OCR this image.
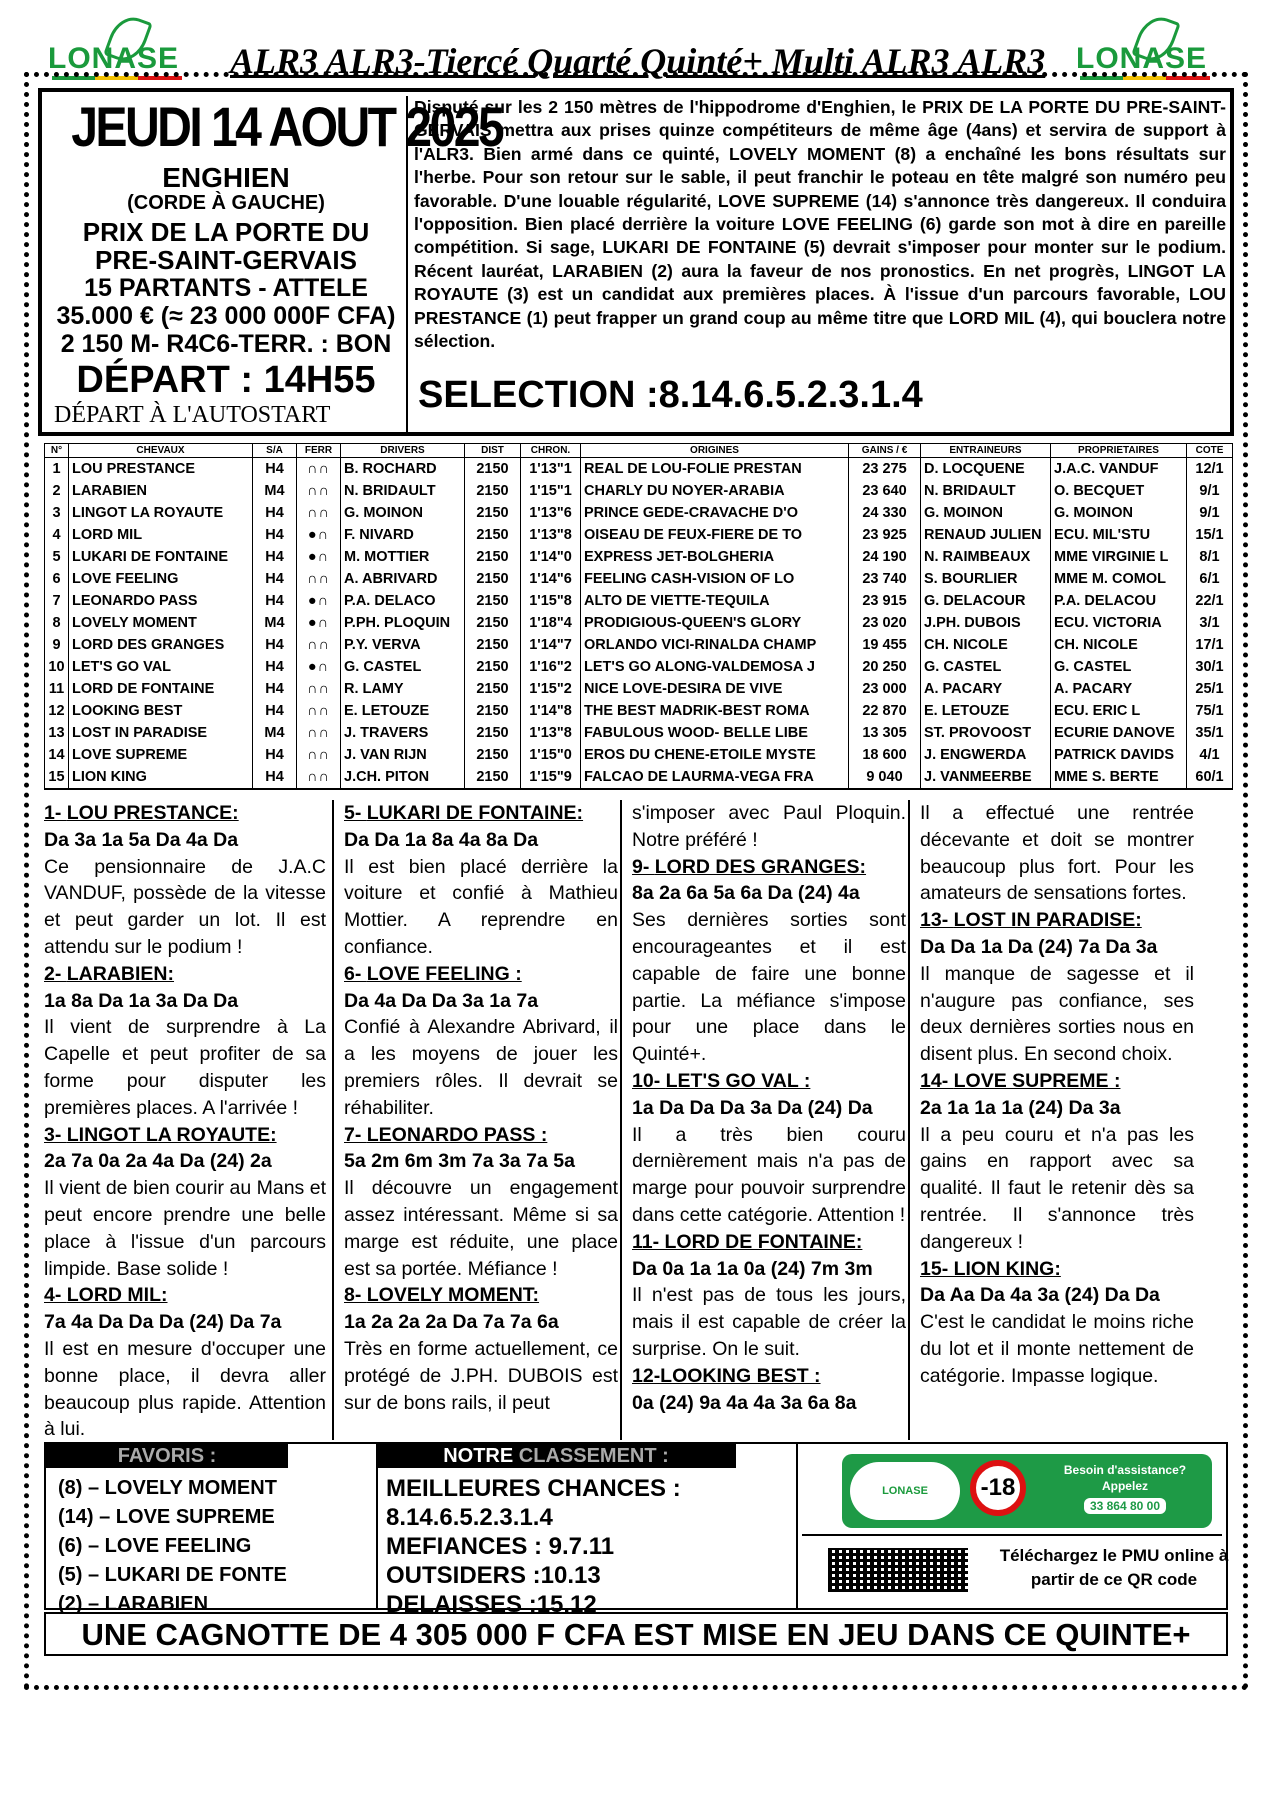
LONASE ALR3 ALR3-Tiercé Quarté Quinté+ Multi ALR3 ALR3 LONASE
JEUDI 14 AOUT 2025
ENGHIEN
(CORDE À GAUCHE)
PRIX DE LA PORTE DU
PRE-SAINT-GERVAIS
15 PARTANTS - ATTELE
35.000 € (≈ 23 000 000F CFA)
2 150 M- R4C6-TERR. : BON
DÉPART : 14H55
DÉPART À L'AUTOSTART
Disputé sur les 2 150 mètres de l'hippodrome d'Enghien, le PRIX DE LA PORTE DU PRE-SAINT-GERVAIS mettra aux prises quinze compétiteurs de même âge (4ans) et servira de support à l'ALR3. Bien armé dans ce quinté, LOVELY MOMENT (8) a enchaîné les bons résultats sur l'herbe. Pour son retour sur le sable, il peut franchir le poteau en tête malgré son numéro peu favorable. D'une louable régularité, LOVE SUPREME (14) s'annonce très dangereux. Il conduira l'opposition. Bien placé derrière la voiture LOVE FEELING (6) garde son mot à dire en pareille compétition. Si sage, LUKARI DE FONTAINE (5) devrait s'imposer pour monter sur le podium. Récent lauréat, LARABIEN (2) aura la faveur de nos pronostics. En net progrès, LINGOT LA ROYAUTE (3) est un candidat aux premières places. À l'issue d'un parcours favorable, LOU PRESTANCE (1) peut frapper un grand coup au même titre que LORD MIL (4), qui bouclera notre sélection.
SELECTION :8.14.6.5.2.3.1.4
N°	CHEVAUX	S/A	FERR	DRIVERS	DIST	CHRON.	ORIGINES	GAINS / €	ENTRAINEURS	PROPRIETAIRES	COTE
1	LOU PRESTANCE	H4	∩∩	B. ROCHARD	2150	1'13"1	REAL DE LOU-FOLIE PRESTAN	23 275	D. LOCQUENE	J.A.C. VANDUF	12/1
2	LARABIEN	M4	∩∩	N. BRIDAULT	2150	1'15"1	CHARLY DU NOYER-ARABIA	23 640	N. BRIDAULT	O. BECQUET	9/1
3	LINGOT LA ROYAUTE	H4	∩∩	G. MOINON	2150	1'13"6	PRINCE GEDE-CRAVACHE D'O	24 330	G. MOINON	G. MOINON	9/1
4	LORD MIL	H4	●∩	F. NIVARD	2150	1'13"8	OISEAU DE FEUX-FIERE DE TO	23 925	RENAUD JULIEN	ECU. MIL'STU	15/1
5	LUKARI DE FONTAINE	H4	●∩	M. MOTTIER	2150	1'14"0	EXPRESS JET-BOLGHERIA	24 190	N. RAIMBEAUX	MME VIRGINIE L	8/1
6	LOVE FEELING	H4	∩∩	A. ABRIVARD	2150	1'14"6	FEELING CASH-VISION OF LO	23 740	S. BOURLIER	MME M. COMOL	6/1
7	LEONARDO PASS	H4	●∩	P.A. DELACO	2150	1'15"8	ALTO DE VIETTE-TEQUILA	23 915	G. DELACOUR	P.A. DELACOU	22/1
8	LOVELY MOMENT	M4	●∩	P.PH. PLOQUIN	2150	1'18"4	PRODIGIOUS-QUEEN'S GLORY	23 020	J.PH. DUBOIS	ECU. VICTORIA	3/1
9	LORD DES GRANGES	H4	∩∩	P.Y. VERVA	2150	1'14"7	ORLANDO VICI-RINALDA CHAMP	19 455	CH. NICOLE	CH. NICOLE	17/1
10	LET'S GO VAL	H4	●∩	G. CASTEL	2150	1'16"2	LET'S GO ALONG-VALDEMOSA J	20 250	G. CASTEL	G. CASTEL	30/1
11	LORD DE FONTAINE	H4	∩∩	R. LAMY	2150	1'15"2	NICE LOVE-DESIRA DE VIVE	23 000	A. PACARY	A. PACARY	25/1
12	LOOKING BEST	H4	∩∩	E. LETOUZE	2150	1'14"8	THE BEST MADRIK-BEST ROMA	22 870	E. LETOUZE	ECU. ERIC L	75/1
13	LOST IN PARADISE	M4	∩∩	J. TRAVERS	2150	1'13"8	FABULOUS WOOD- BELLE LIBE	13 305	ST. PROVOOST	ECURIE DANOVE	35/1
14	LOVE SUPREME	H4	∩∩	J. VAN RIJN	2150	1'15"0	EROS DU CHENE-ETOILE MYSTE	18 600	J. ENGWERDA	PATRICK DAVIDS	4/1
15	LION KING	H4	∩∩	J.CH. PITON	2150	1'15"9	FALCAO DE LAURMA-VEGA FRA	9 040	J. VANMEERBE	MME S. BERTE	60/1
1- LOU PRESTANCE:
Da 3a 1a 5a Da 4a Da
Ce pensionnaire de J.A.C VANDUF, possède de la vitesse et peut garder un lot. Il est attendu sur le podium !
2- LARABIEN:
1a 8a Da 1a 3a Da Da
Il vient de surprendre à La Capelle et peut profiter de sa forme pour disputer les premières places. A l'arrivée !
3- LINGOT LA ROYAUTE:
2a 7a 0a 2a 4a Da (24) 2a
Il vient de bien courir au Mans et peut encore prendre une belle place à l'issue d'un parcours limpide. Base solide !
4- LORD MIL:
7a 4a Da Da Da (24) Da 7a
Il est en mesure d'occuper une bonne place, il devra aller beaucoup plus rapide. Attention à lui.
5- LUKARI DE FONTAINE:
Da Da 1a 8a 4a 8a Da
Il est bien placé derrière la voiture et confié à Mathieu Mottier. A reprendre en confiance.
6- LOVE FEELING :
Da 4a Da Da 3a 1a 7a
Confié à Alexandre Abrivard, il a les moyens de jouer les premiers rôles. Il devrait se réhabiliter.
7- LEONARDO PASS :
5a 2m 6m 3m 7a 3a 7a 5a
Il découvre un engagement assez intéressant. Même si sa marge est réduite, une place est sa portée. Méfiance !
8- LOVELY MOMENT:
1a 2a 2a 2a Da 7a 7a 6a
Très en forme actuellement, ce protégé de J.PH. DUBOIS est sur de bons rails, il peut
s'imposer avec Paul Ploquin. Notre préféré !
9- LORD DES GRANGES:
8a 2a 6a 5a 6a Da (24) 4a
Ses dernières sorties sont encourageantes et il est capable de faire une bonne partie. La méfiance s'impose pour une place dans le Quinté+.
10- LET'S GO VAL :
1a Da Da Da 3a Da (24) Da
Il a très bien couru dernièrement mais n'a pas de marge pour pouvoir surprendre dans cette catégorie. Attention !
11- LORD DE FONTAINE:
Da 0a 1a 1a 0a (24) 7m 3m
Il n'est pas de tous les jours, mais il est capable de créer la surprise. On le suit.
12-LOOKING BEST :
0a (24) 9a 4a 4a 3a 6a 8a
Il a effectué une rentrée décevante et doit se montrer beaucoup plus fort. Pour les amateurs de sensations fortes.
13- LOST IN PARADISE:
Da Da 1a Da (24) 7a Da 3a
Il manque de sagesse et il n'augure pas confiance, ses deux dernières sorties nous en disent plus. En second choix.
14- LOVE SUPREME :
2a 1a 1a 1a (24) Da 3a
Il a peu couru et n'a pas les gains en rapport avec sa qualité. Il faut le retenir dès sa rentrée. Il s'annonce très dangereux !
15- LION KING:
Da Aa Da 4a 3a (24) Da Da
C'est le candidat le moins riche du lot et il monte nettement de catégorie. Impasse logique.
FAVORIS :
(8) – LOVELY MOMENT
(14) – LOVE SUPREME
(6) – LOVE FEELING
(5) – LUKARI DE FONTE
(2) – LARABIEN
NOTRE CLASSEMENT :
MEILLEURES CHANCES :
8.14.6.5.2.3.1.4
MEFIANCES : 9.7.11
OUTSIDERS :10.13
DELAISSES :15.12
LONASE	-18
Besoin d'assistance? Appelez
33 864 80 00
Téléchargez le PMU online à partir de ce QR code
UNE CAGNOTTE DE 4 305 000 F CFA EST MISE EN JEU DANS CE QUINTE+
